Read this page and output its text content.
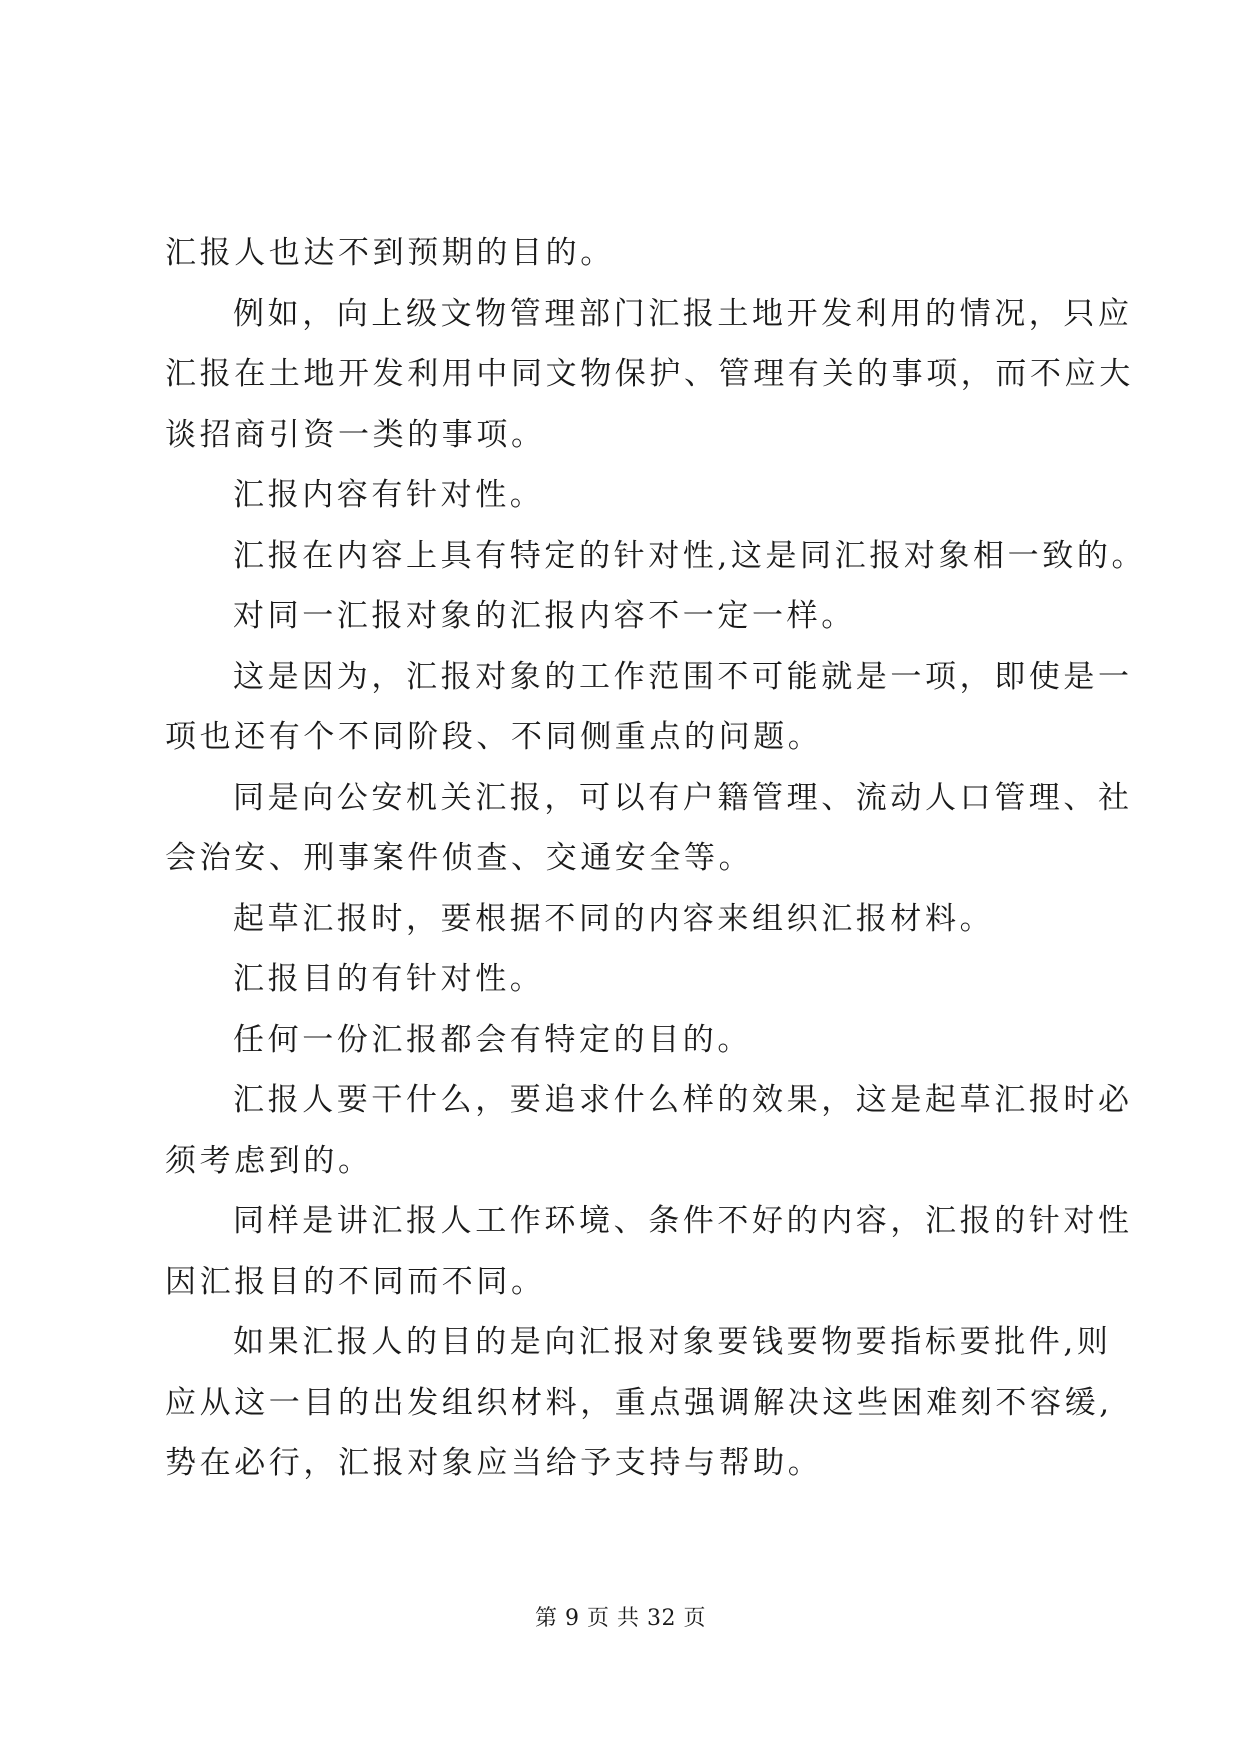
汇报人也达不到预期的目的。
例如，向上级文物管理部门汇报土地开发利用的情况，只应
汇报在土地开发利用中同文物保护、管理有关的事项，而不应大
谈招商引资一类的事项。
汇报内容有针对性。
汇报在内容上具有特定的针对性,这是同汇报对象相一致的。
对同一汇报对象的汇报内容不一定一样。
这是因为，汇报对象的工作范围不可能就是一项，即使是一
项也还有个不同阶段、不同侧重点的问题。
同是向公安机关汇报，可以有户籍管理、流动人口管理、社
会治安、刑事案件侦查、交通安全等。
起草汇报时，要根据不同的内容来组织汇报材料。
汇报目的有针对性。
任何一份汇报都会有特定的目的。
汇报人要干什么，要追求什么样的效果，这是起草汇报时必
须考虑到的。
同样是讲汇报人工作环境、条件不好的内容，汇报的针对性
因汇报目的不同而不同。
如果汇报人的目的是向汇报对象要钱要物要指标要批件,则
应从这一目的出发组织材料，重点强调解决这些困难刻不容缓,
势在必行，汇报对象应当给予支持与帮助。
第 9 页 共 32 页
